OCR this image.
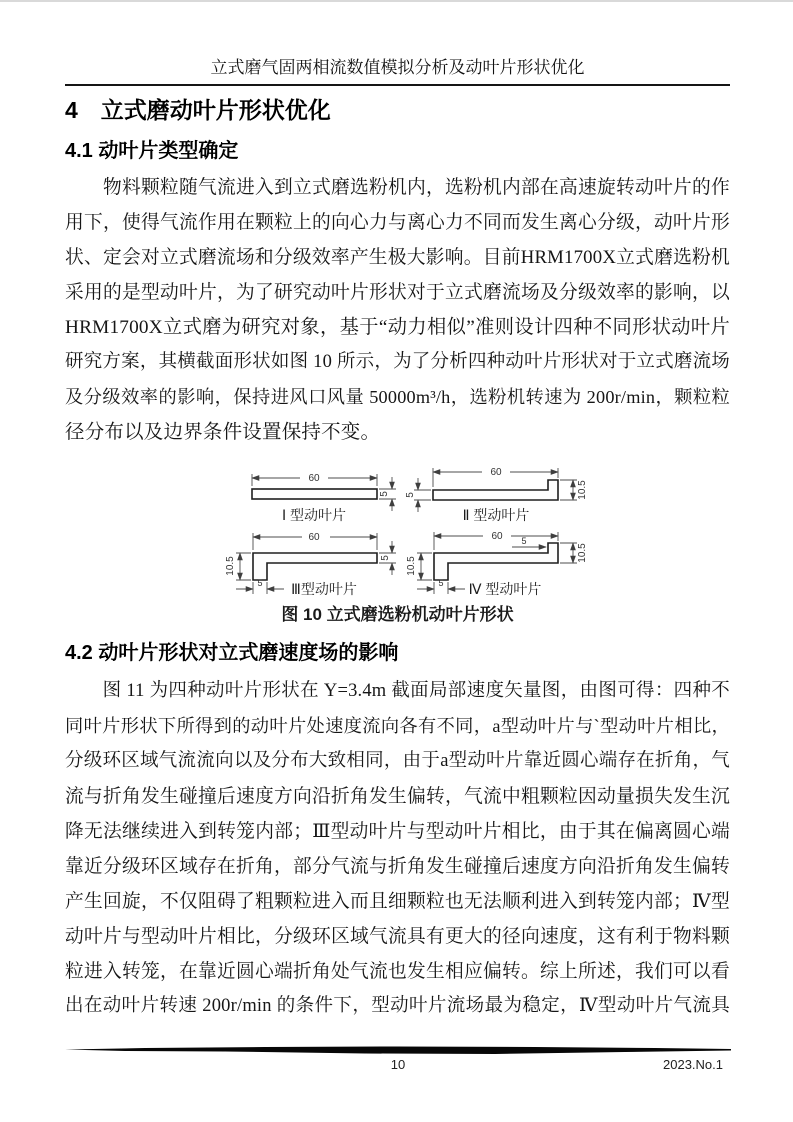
立式磨气固两相流数值模拟分析及动叶片形状优化
4　立式磨动叶片形状优化
4.1 动叶片类型确定
　　物料颗粒随气流进入到立式磨选粉机内，选粉机内部在高速旋转动叶片的作
用下，使得气流作用在颗粒上的向心力与离心力不同而发生离心分级，动叶片形
状、定会对立式磨流场和分级效率产生极大影响。目前HRM1700X立式磨选粉机
采用的是型动叶片，为了研究动叶片形状对于立式磨流场及分级效率的影响，以
HRM1700X立式磨为研究对象，基于“动力相似”准则设计四种不同形状动叶片
研究方案，其横截面形状如图 10 所示，为了分析四种动叶片形状对于立式磨流场
及分级效率的影响，保持进风口风量 50000m³/h，选粉机转速为 200r/min，颗粒粒
径分布以及边界条件设置保持不变。
60
5
Ⅰ 型动叶片
60
5	10.5
Ⅱ 型动叶片
60
10.5	5
5 Ⅲ型动叶片
60
10.5
5
10.5
5 Ⅳ 型动叶片
图 10 立式磨选粉机动叶片形状
4.2 动叶片形状对立式磨速度场的影响
　　图 11 为四种动叶片形状在 Y=3.4m 截面局部速度矢量图，由图可得：四种不
同叶片形状下所得到的动叶片处速度流向各有不同，a型动叶片与`型动叶片相比，
分级环区域气流流向以及分布大致相同，由于a型动叶片靠近圆心端存在折角，气
流与折角发生碰撞后速度方向沿折角发生偏转，气流中粗颗粒因动量损失发生沉
降无法继续进入到转笼内部；Ⅲ型动叶片与型动叶片相比，由于其在偏离圆心端
靠近分级环区域存在折角，部分气流与折角发生碰撞后速度方向沿折角发生偏转
产生回旋，不仅阻碍了粗颗粒进入而且细颗粒也无法顺利进入到转笼内部；Ⅳ型
动叶片与型动叶片相比，分级环区域气流具有更大的径向速度，这有利于物料颗
粒进入转笼，在靠近圆心端折角处气流也发生相应偏转。综上所述，我们可以看
出在动叶片转速 200r/min 的条件下，型动叶片流场最为稳定，Ⅳ型动叶片气流具
10	2023.No.1
